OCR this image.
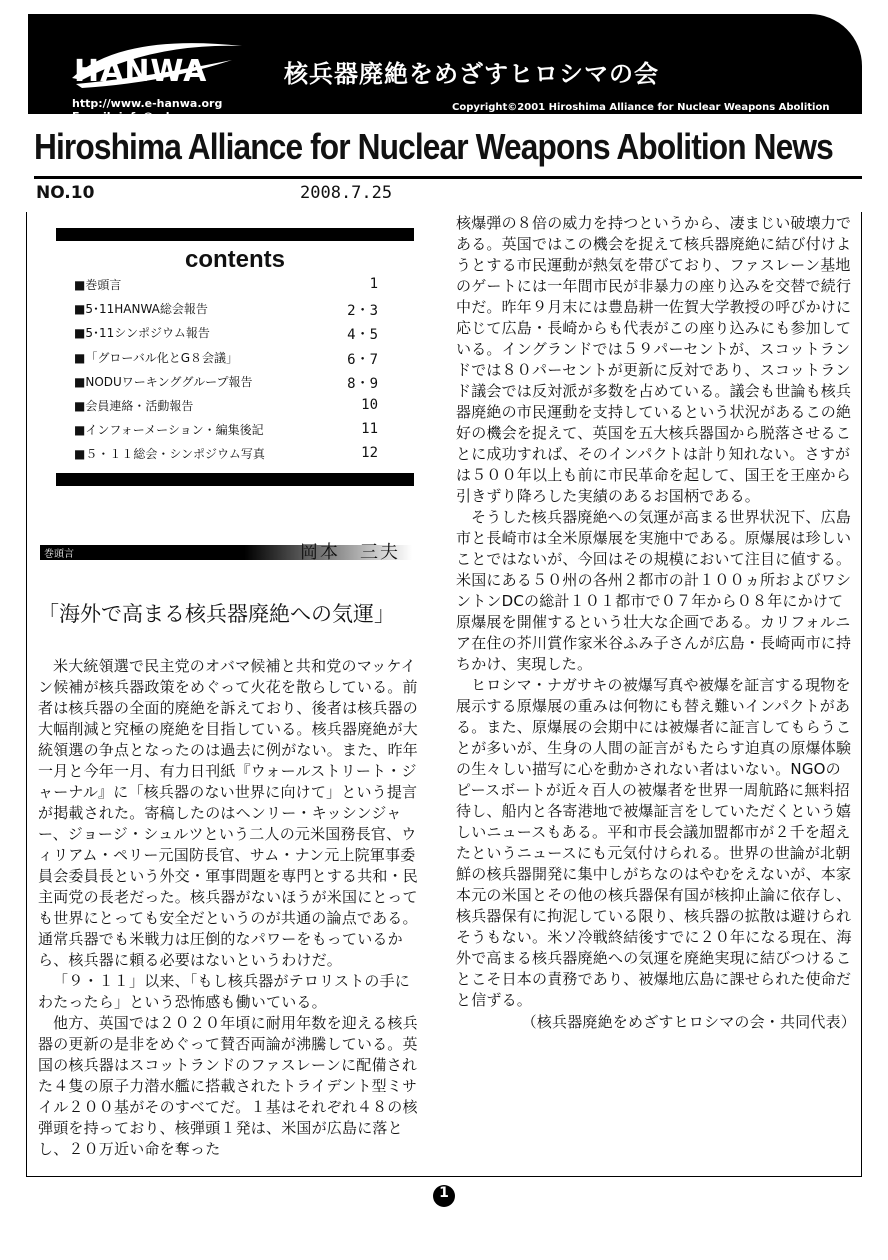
HANWA
http://www.e-hanwa.org
E-mail: info@e-hanwa.org
核兵器廃絶をめざすヒロシマの会
Copyright©2001 Hiroshima Alliance for Nuclear Weapons Abolition
Hiroshima Alliance for Nuclear Weapons Abolition News
NO.10	2008.7.25
contents
■巻頭言	1
■5･11HANWA総会報告	2・3
■5･11シンポジウム報告	4・5
■「グローバル化とG８会議」	6・7
■NODUワーキンググループ報告	8・9
■会員連絡・活動報告	10
■インフォーメーション・編集後記	11
■５・１１総会・シンポジウム写真	12
巻頭言	岡本　三夫
「海外で高まる核兵器廃絶への気運」

米大統領選で民主党のオバマ候補と共和党のマッケイン候補が核兵器政策をめぐって火花を散らしている。前者は核兵器の全面的廃絶を訴えており、後者は核兵器の大幅削減と究極の廃絶を目指している。核兵器廃絶が大統領選の争点となったのは過去に例がない。また、昨年一月と今年一月、有力日刊紙『ウォールストリート・ジャーナル』に「核兵器のない世界に向けて」という提言が掲載された。寄稿したのはヘンリー・キッシンジャー、ジョージ・シュルツという二人の元米国務長官、ウィリアム・ペリー元国防長官、サム・ナン元上院軍事委員会委員長という外交・軍事問題を専門とする共和・民主両党の長老だった。核兵器がないほうが米国にとっても世界にとっても安全だというのが共通の論点である。通常兵器でも米戦力は圧倒的なパワーをもっているから、核兵器に頼る必要はないというわけだ。

「９・１１」以来、「もし核兵器がテロリストの手にわたったら」という恐怖感も働いている。

他方、英国では２０２０年頃に耐用年数を迎える核兵器の更新の是非をめぐって賛否両論が沸騰している。英国の核兵器はスコットランドのファスレーンに配備された４隻の原子力潜水艦に搭載されたトライデント型ミサイル２００基がそのすべてだ。１基はそれぞれ４８の核弾頭を持っており、核弾頭１発は、米国が広島に落とし、２０万近い命を奪った

核爆弾の８倍の威力を持つというから、凄まじい破壊力である。英国ではこの機会を捉えて核兵器廃絶に結び付けようとする市民運動が熱気を帯びており、ファスレーン基地のゲートには一年間市民が非暴力の座り込みを交替で続行中だ。昨年９月末には豊島耕一佐賀大学教授の呼びかけに応じて広島・長崎からも代表がこの座り込みにも参加している。イングランドでは５９パーセントが、スコットランドでは８０パーセントが更新に反対であり、スコットランド議会では反対派が多数を占めている。議会も世論も核兵器廃絶の市民運動を支持しているという状況があるこの絶好の機会を捉えて、英国を五大核兵器国から脱落させることに成功すれば、そのインパクトは計り知れない。さすがは５００年以上も前に市民革命を起して、国王を王座から引きずり降ろした実績のあるお国柄である。

そうした核兵器廃絶への気運が高まる世界状況下、広島市と長崎市は全米原爆展を実施中である。原爆展は珍しいことではないが、今回はその規模において注目に値する。米国にある５０州の各州２都市の計１００ヵ所およびワシントンDCの総計１０１都市で０７年から０８年にかけて原爆展を開催するという壮大な企画である。カリフォルニア在住の芥川賞作家米谷ふみ子さんが広島・長崎両市に持ちかけ、実現した。

ヒロシマ・ナガサキの被爆写真や被爆を証言する現物を展示する原爆展の重みは何物にも替え難いインパクトがある。また、原爆展の会期中には被爆者に証言してもらうことが多いが、生身の人間の証言がもたらす迫真の原爆体験の生々しい描写に心を動かされない者はいない。NGOのピースボートが近々百人の被爆者を世界一周航路に無料招待し、船内と各寄港地で被爆証言をしていただくという嬉しいニュースもある。平和市長会議加盟都市が２千を超えたというニュースにも元気付けられる。世界の世論が北朝鮮の核兵器開発に集中しがちなのはやむをえないが、本家本元の米国とその他の核兵器保有国が核抑止論に依存し、核兵器保有に拘泥している限り、核兵器の拡散は避けられそうもない。米ソ冷戦終結後すでに２０年になる現在、海外で高まる核兵器廃絶への気運を廃絶実現に結びつけることこそ日本の責務であり、被爆地広島に課せられた使命だと信ずる。

（核兵器廃絶をめざすヒロシマの会・共同代表）
1
